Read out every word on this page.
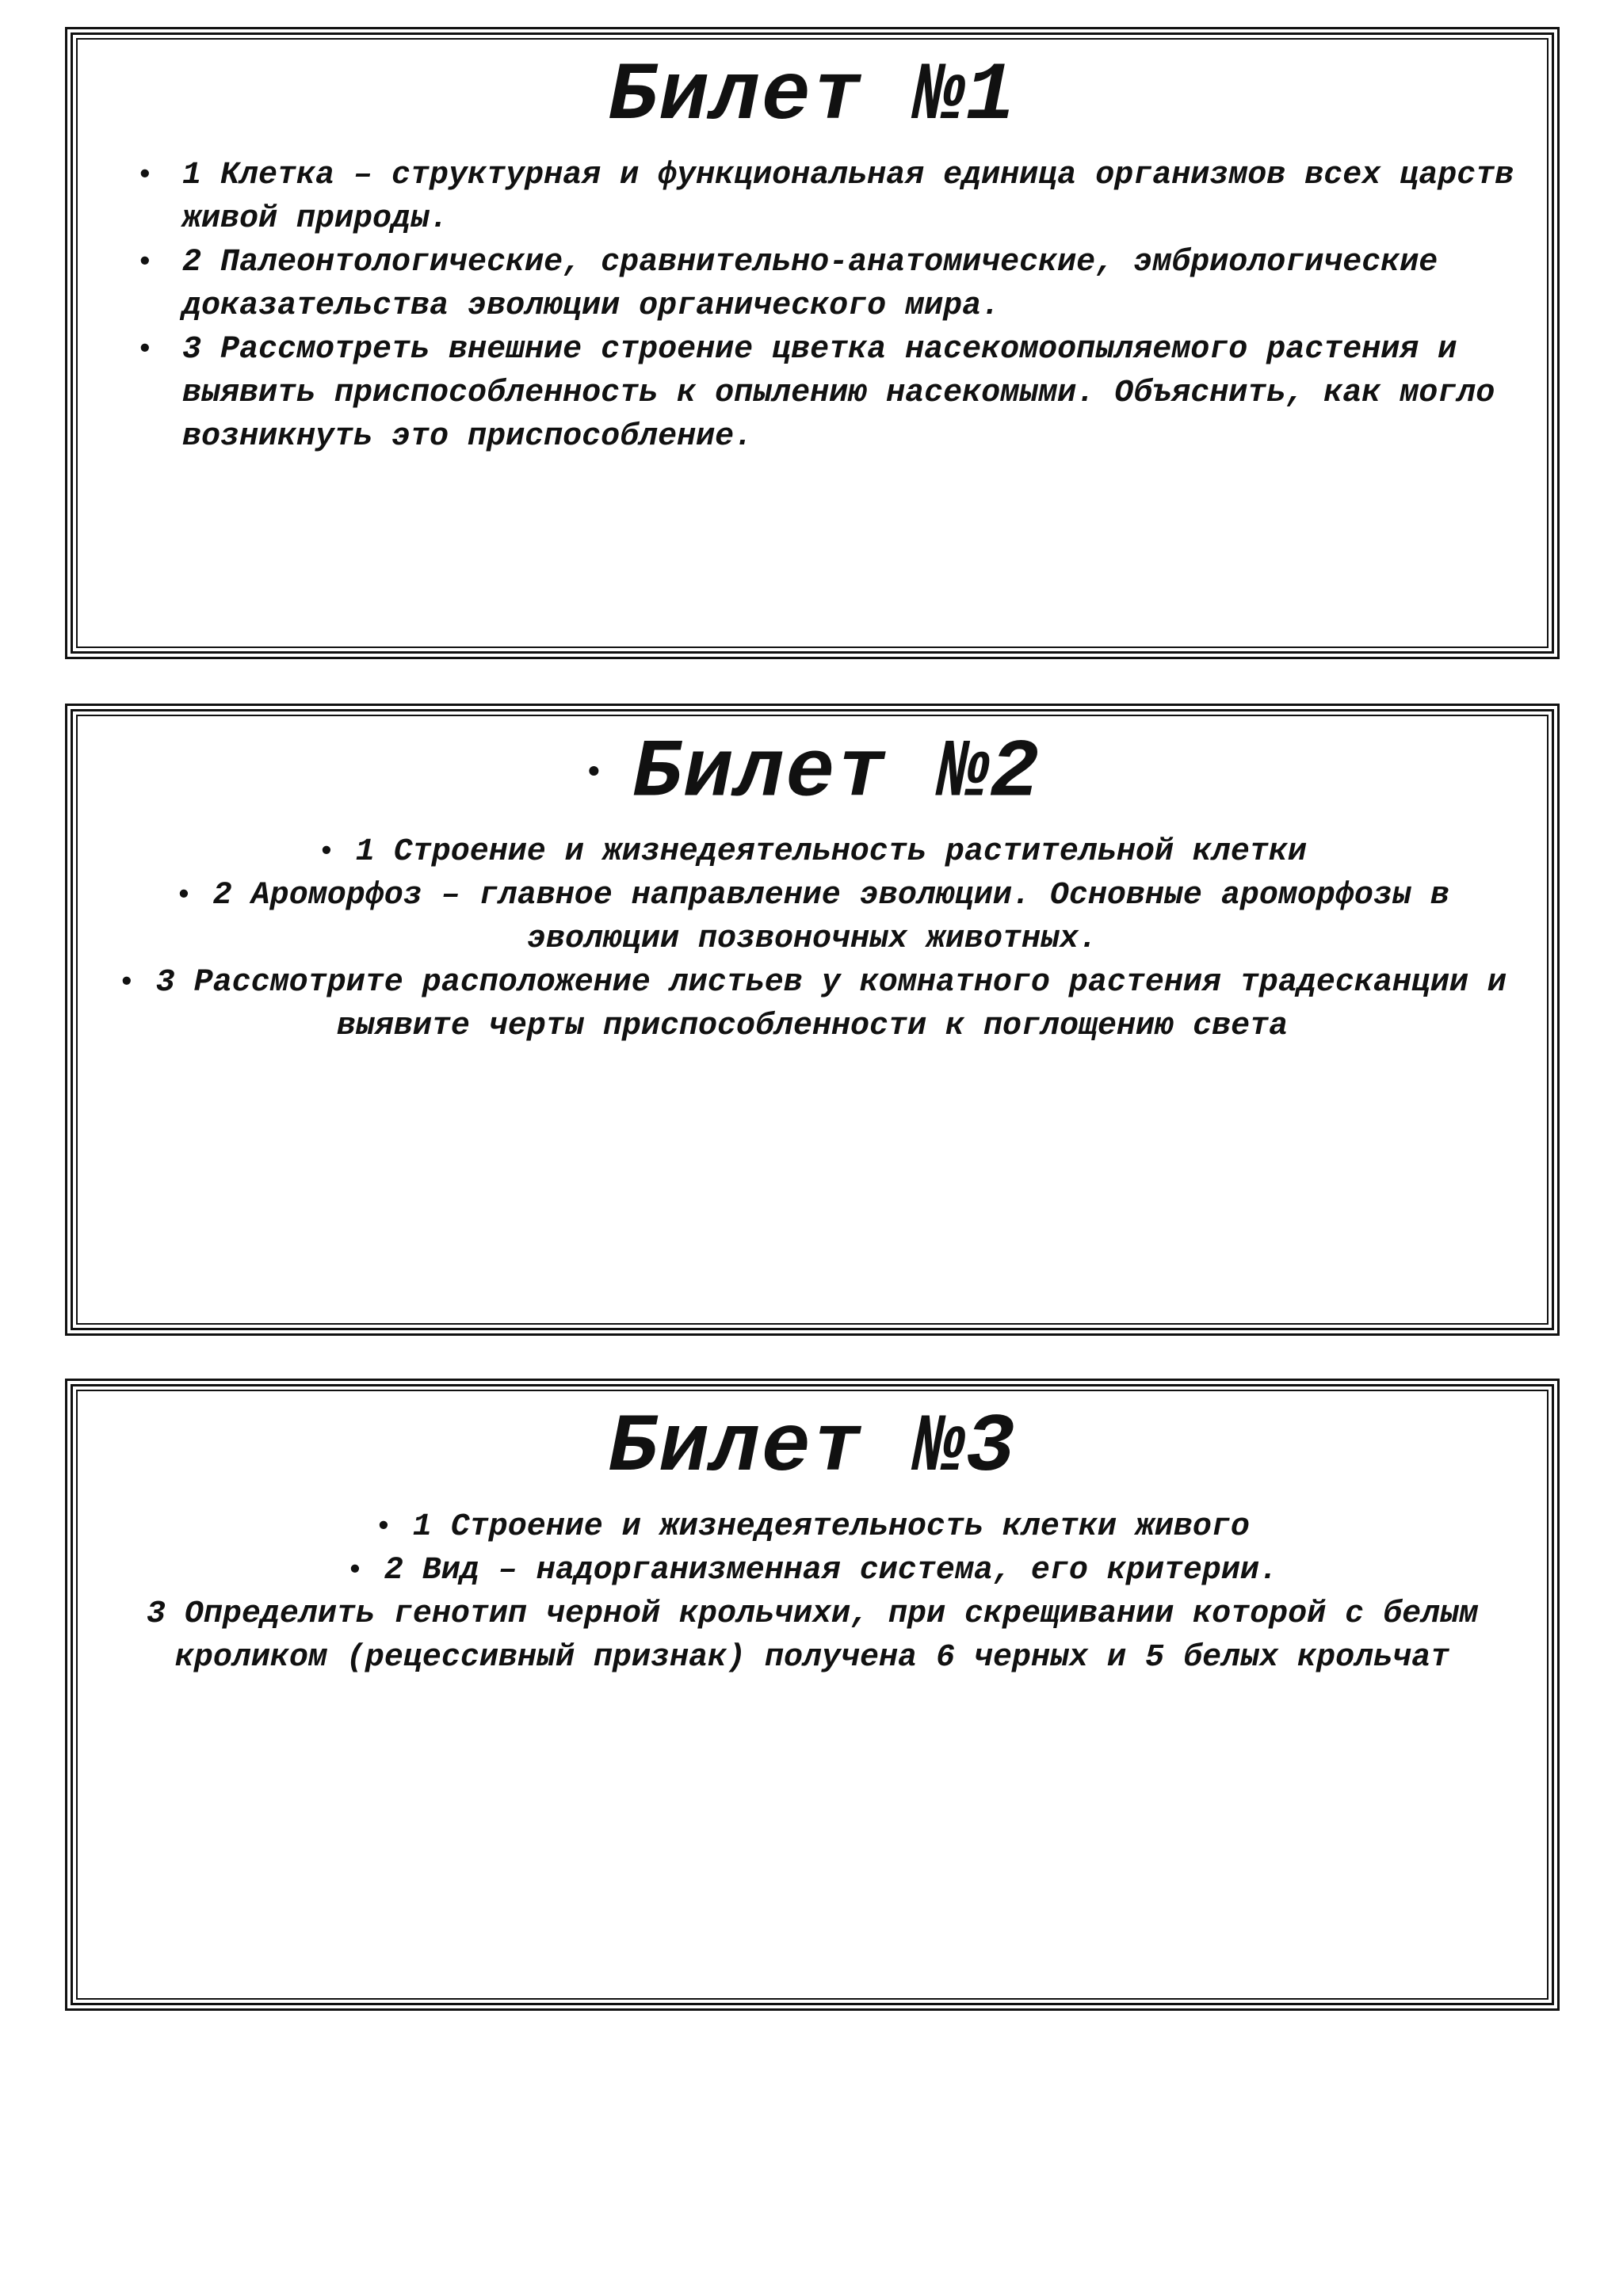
Билет №1
• 1 Клетка – структурная и функциональная единица организмов всех царств живой природы.
• 2 Палеонтологические, сравнительно-анатомические, эмбриологические доказательства эволюции органического мира.
• 3 Рассмотреть внешние строение цветка насекомоопыляемого растения и выявить приспособленность к опылению насекомыми. Объяснить, как могло возникнуть это приспособление.
• Билет №2
• 1 Строение и жизнедеятельность растительной клетки
• 2 Ароморфоз – главное направление эволюции. Основные ароморфозы в эволюции позвоночных животных.
• 3 Рассмотрите расположение листьев у комнатного растения традесканции и выявите черты приспособленности к поглощению света
Билет №3
• 1 Строение и жизнедеятельность клетки живого
• 2 Вид – надорганизменная система, его критерии.
3 Определить генотип черной крольчихи, при скрещивании которой с белым кроликом (рецессивный признак) получена 6 черных и 5 белых крольчат
